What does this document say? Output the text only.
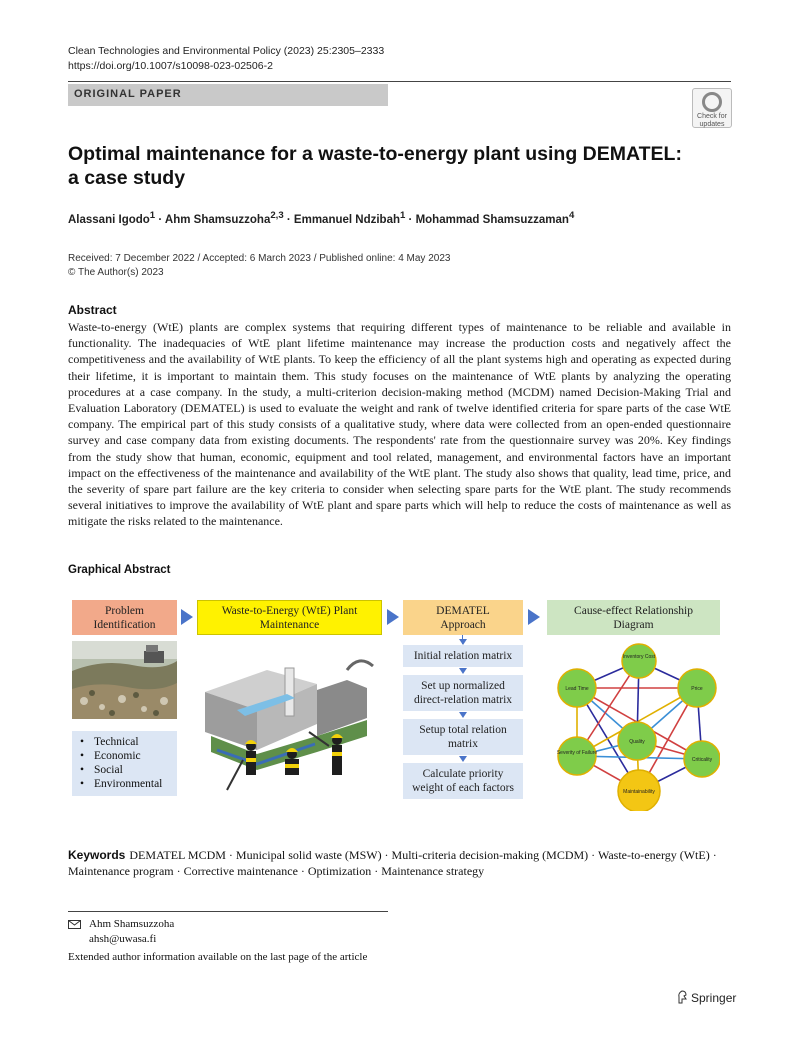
Clean Technologies and Environmental Policy (2023) 25:2305–2333
https://doi.org/10.1007/s10098-023-02506-2
ORIGINAL PAPER
Check for
updates
Optimal maintenance for a waste-to-energy plant using DEMATEL:
a case study
Alassani Igodo$^1$ · Ahm Shamsuzzoha$^{2,3}$ · Emmanuel Ndzibah$^1$ · Mohammad Shamsuzzaman$^4$
Received: 7 December 2022 / Accepted: 6 March 2023 / Published online: 4 May 2023
© The Author(s) 2023
Abstract
Waste-to-energy (WtE) plants are complex systems that requiring different types of maintenance to be reliable and available in functionality. The inadequacies of WtE plant lifetime maintenance may increase the production costs and negatively affect the competitiveness and the availability of WtE plants. To keep the efficiency of all the plant systems high and operating as expected during their lifetime, it is important to maintain them. This study focuses on the maintenance of WtE plants by analyzing the operating procedures at a case company. In the study, a multi-criterion decision-making method (MCDM) named Decision-Making Trial and Evaluation Laboratory (DEMATEL) is used to evaluate the weight and rank of twelve identified criteria for spare parts of the case WtE company. The empirical part of this study consists of a qualitative study, where data were collected from an open-ended questionnaire survey and case company data from existing documents. The respondents' rate from the questionnaire survey was 20%. Key findings from the study show that human, economic, equipment and tool related, management, and environmental factors have an important impact on the effectiveness of the maintenance and availability of the WtE plant. The study also shows that quality, lead time, price, and the severity of spare part failure are the key criteria to consider when selecting spare parts for the WtE plant. The study recommends several initiatives to improve the availability of WtE plant and spare parts which will help to reduce the costs of maintenance as well as mitigate the risks related to the maintenance.
Graphical Abstract
Problem
Identification
Waste-to-Energy (WtE) Plant
Maintenance
DEMATEL
Approach
Cause-effect Relationship
Diagram
• Technical
• Economic
• Social
• Environmental
Initial relation matrix
Set up normalized
direct-relation matrix
Setup total relation
matrix
Calculate priority
weight of each factors
Inventory Cost
Lead Time	Price
Quality
Severity of Failure
Criticality
Maintainability
Keywords DEMATEL MCDM · Municipal solid waste (MSW) · Multi-criteria decision-making (MCDM) · Waste-to-energy (WtE) · Maintenance program · Corrective maintenance · Optimization · Maintenance strategy
Ahm Shamsuzzoha
ahsh@uwasa.fi
Extended author information available on the last page of the article
Springer
